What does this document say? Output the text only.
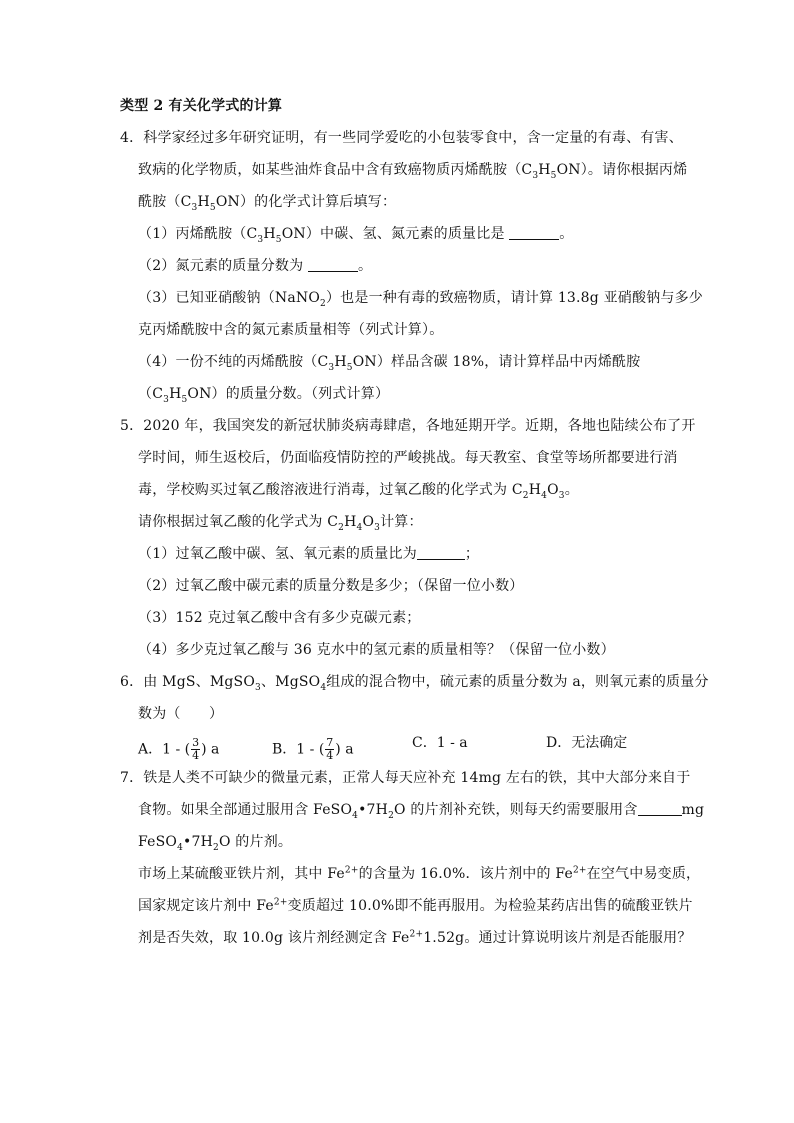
类型 2 有关化学式的计算
4．科学家经过多年研究证明，有一些同学爱吃的小包装零食中，含一定量的有毒、有害、
致病的化学物质，如某些油炸食品中含有致癌物质丙烯酰胺$(C_3H_5ON)$。请你根据丙烯
酰胺$(C_3H_5ON)$的化学式计算后填写：
（1）丙烯酰胺$(C_3H_5ON)$中碳、氢、氮元素的质量比是	。
（2）氮元素的质量分数为	。
（3）已知亚硝酸钠（NaNO$_2$）也是一种有毒的致癌物质，请计算 13.8g 亚硝酸钠与多少
克丙烯酰胺中含的氮元素质量相等（列式计算）。
（4）一份不纯的丙烯酰胺$(C_3H_5ON)$样品含碳 18%，请计算样品中丙烯酰胺
$(C_3H_5ON)$的质量分数。（列式计算）
5．2020 年，我国突发的新冠状肺炎病毒肆虐，各地延期开学。近期，各地也陆续公布了开
学时间，师生返校后，仍面临疫情防控的严峻挑战。每天教室、食堂等场所都要进行消
毒，学校购买过氧乙酸溶液进行消毒，过氧乙酸的化学式为 $C_2H_4O_3$。
请你根据过氧乙酸的化学式为 $C_2H_4O_3$计算：
（1）过氧乙酸中碳、氢、氧元素的质量比为	；
（2）过氧乙酸中碳元素的质量分数是多少；（保留一位小数）
（3）152 克过氧乙酸中含有多少克碳元素；
（4）多少克过氧乙酸与 36 克水中的氢元素的质量相等？（保留一位小数）
6．由 MgS、MgSO$_3$、MgSO$_4$组成的混合物中，硫元素的质量分数为 a，则氧元素的质量分
数为（　　）
A．1 - ( $\frac{3}{4}$ ) a	B．1 - ( $\frac{7}{4}$ ) a	C．1 - a	D．无法确定
7．铁是人类不可缺少的微量元素，正常人每天应补充 14mg 左右的铁，其中大部分来自于
食物。如果全部通过服用含 $FeSO_4•7H_2O$ 的片剂补充铁，则每天约需要服用含	mg
$FeSO_4•7H_2O$ 的片剂。
市场上某硫酸亚铁片剂，其中 $Fe^{2+}$的含量为 16.0%．该片剂中的 $Fe^{2+}$在空气中易变质，
国家规定该片剂中 $Fe^{2+}$变质超过 10.0%即不能再服用。为检验某药店出售的硫酸亚铁片
剂是否失效，取 10.0g 该片剂经测定含 $Fe^{2+}1.52g$。通过计算说明该片剂是否能服用？
